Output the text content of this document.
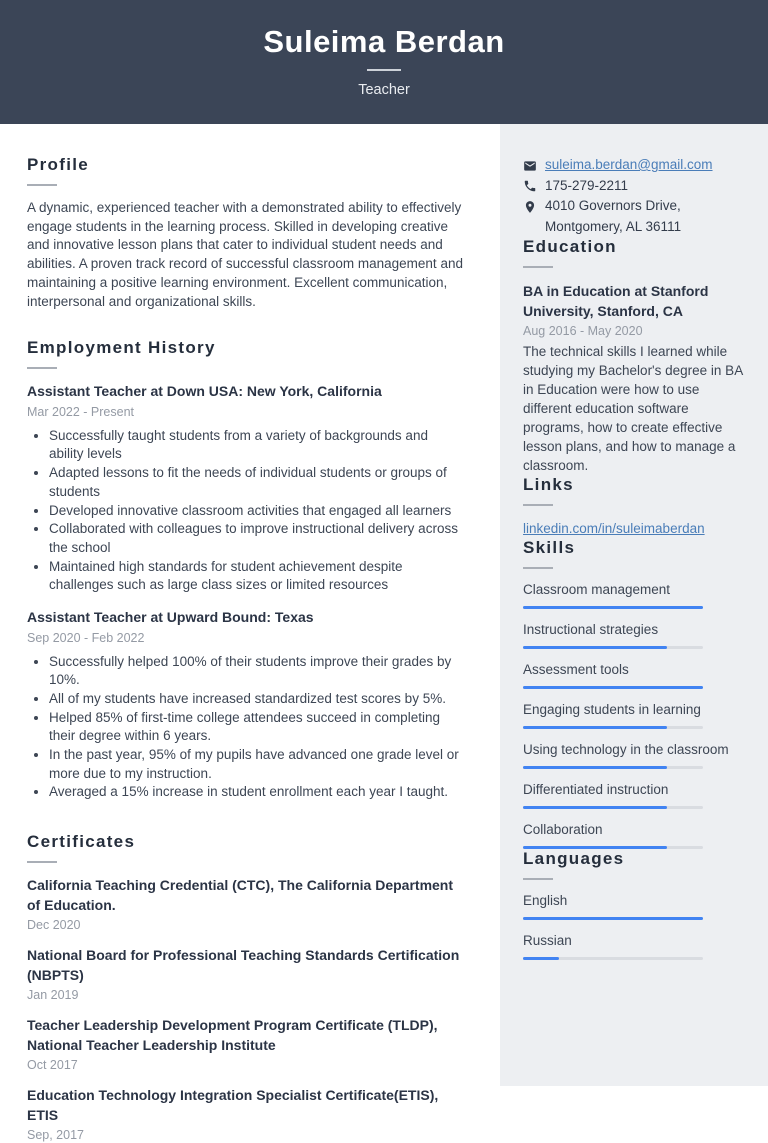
Suleima Berdan
Teacher
Profile

A dynamic, experienced teacher with a demonstrated ability to effectively engage students in the learning process. Skilled in developing creative and innovative lesson plans that cater to individual student needs and abilities. A proven track record of successful classroom management and maintaining a positive learning environment. Excellent communication, interpersonal and organizational skills.

Employment History
Assistant Teacher at Down USA: New York, California
Mar 2022 - Present
• Successfully taught students from a variety of backgrounds and ability levels
• Adapted lessons to fit the needs of individual students or groups of students
• Developed innovative classroom activities that engaged all learners
• Collaborated with colleagues to improve instructional delivery across the school
• Maintained high standards for student achievement despite challenges such as large class sizes or limited resources
Assistant Teacher at Upward Bound: Texas
Sep 2020 - Feb 2022
• Successfully helped 100% of their students improve their grades by 10%.
• All of my students have increased standardized test scores by 5%.
• Helped 85% of first-time college attendees succeed in completing their degree within 6 years.
• In the past year, 95% of my pupils have advanced one grade level or more due to my instruction.
• Averaged a 15% increase in student enrollment each year I taught.
Certificates
California Teaching Credential (CTC), The California Department of Education.
Dec 2020
National Board for Professional Teaching Standards Certification (NBPTS)
Jan 2019
Teacher Leadership Development Program Certificate (TLDP), National Teacher Leadership Institute
Oct 2017
Education Technology Integration Specialist Certificate(ETIS), ETIS
Sep, 2017
suleima.berdan@gmail.com
175-279-2211
4010 Governors Drive,
Montgomery, AL 36111
Education
BA in Education at Stanford University, Stanford, CA
Aug 2016 - May 2020

The technical skills I learned while studying my Bachelor's degree in BA in Education were how to use different education software programs, how to create effective lesson plans, and how to manage a classroom.

Links
linkedin.com/in/suleimaberdan
Skills
Classroom management
Instructional strategies
Assessment tools
Engaging students in learning
Using technology in the classroom
Differentiated instruction
Collaboration
Languages
English
Russian
